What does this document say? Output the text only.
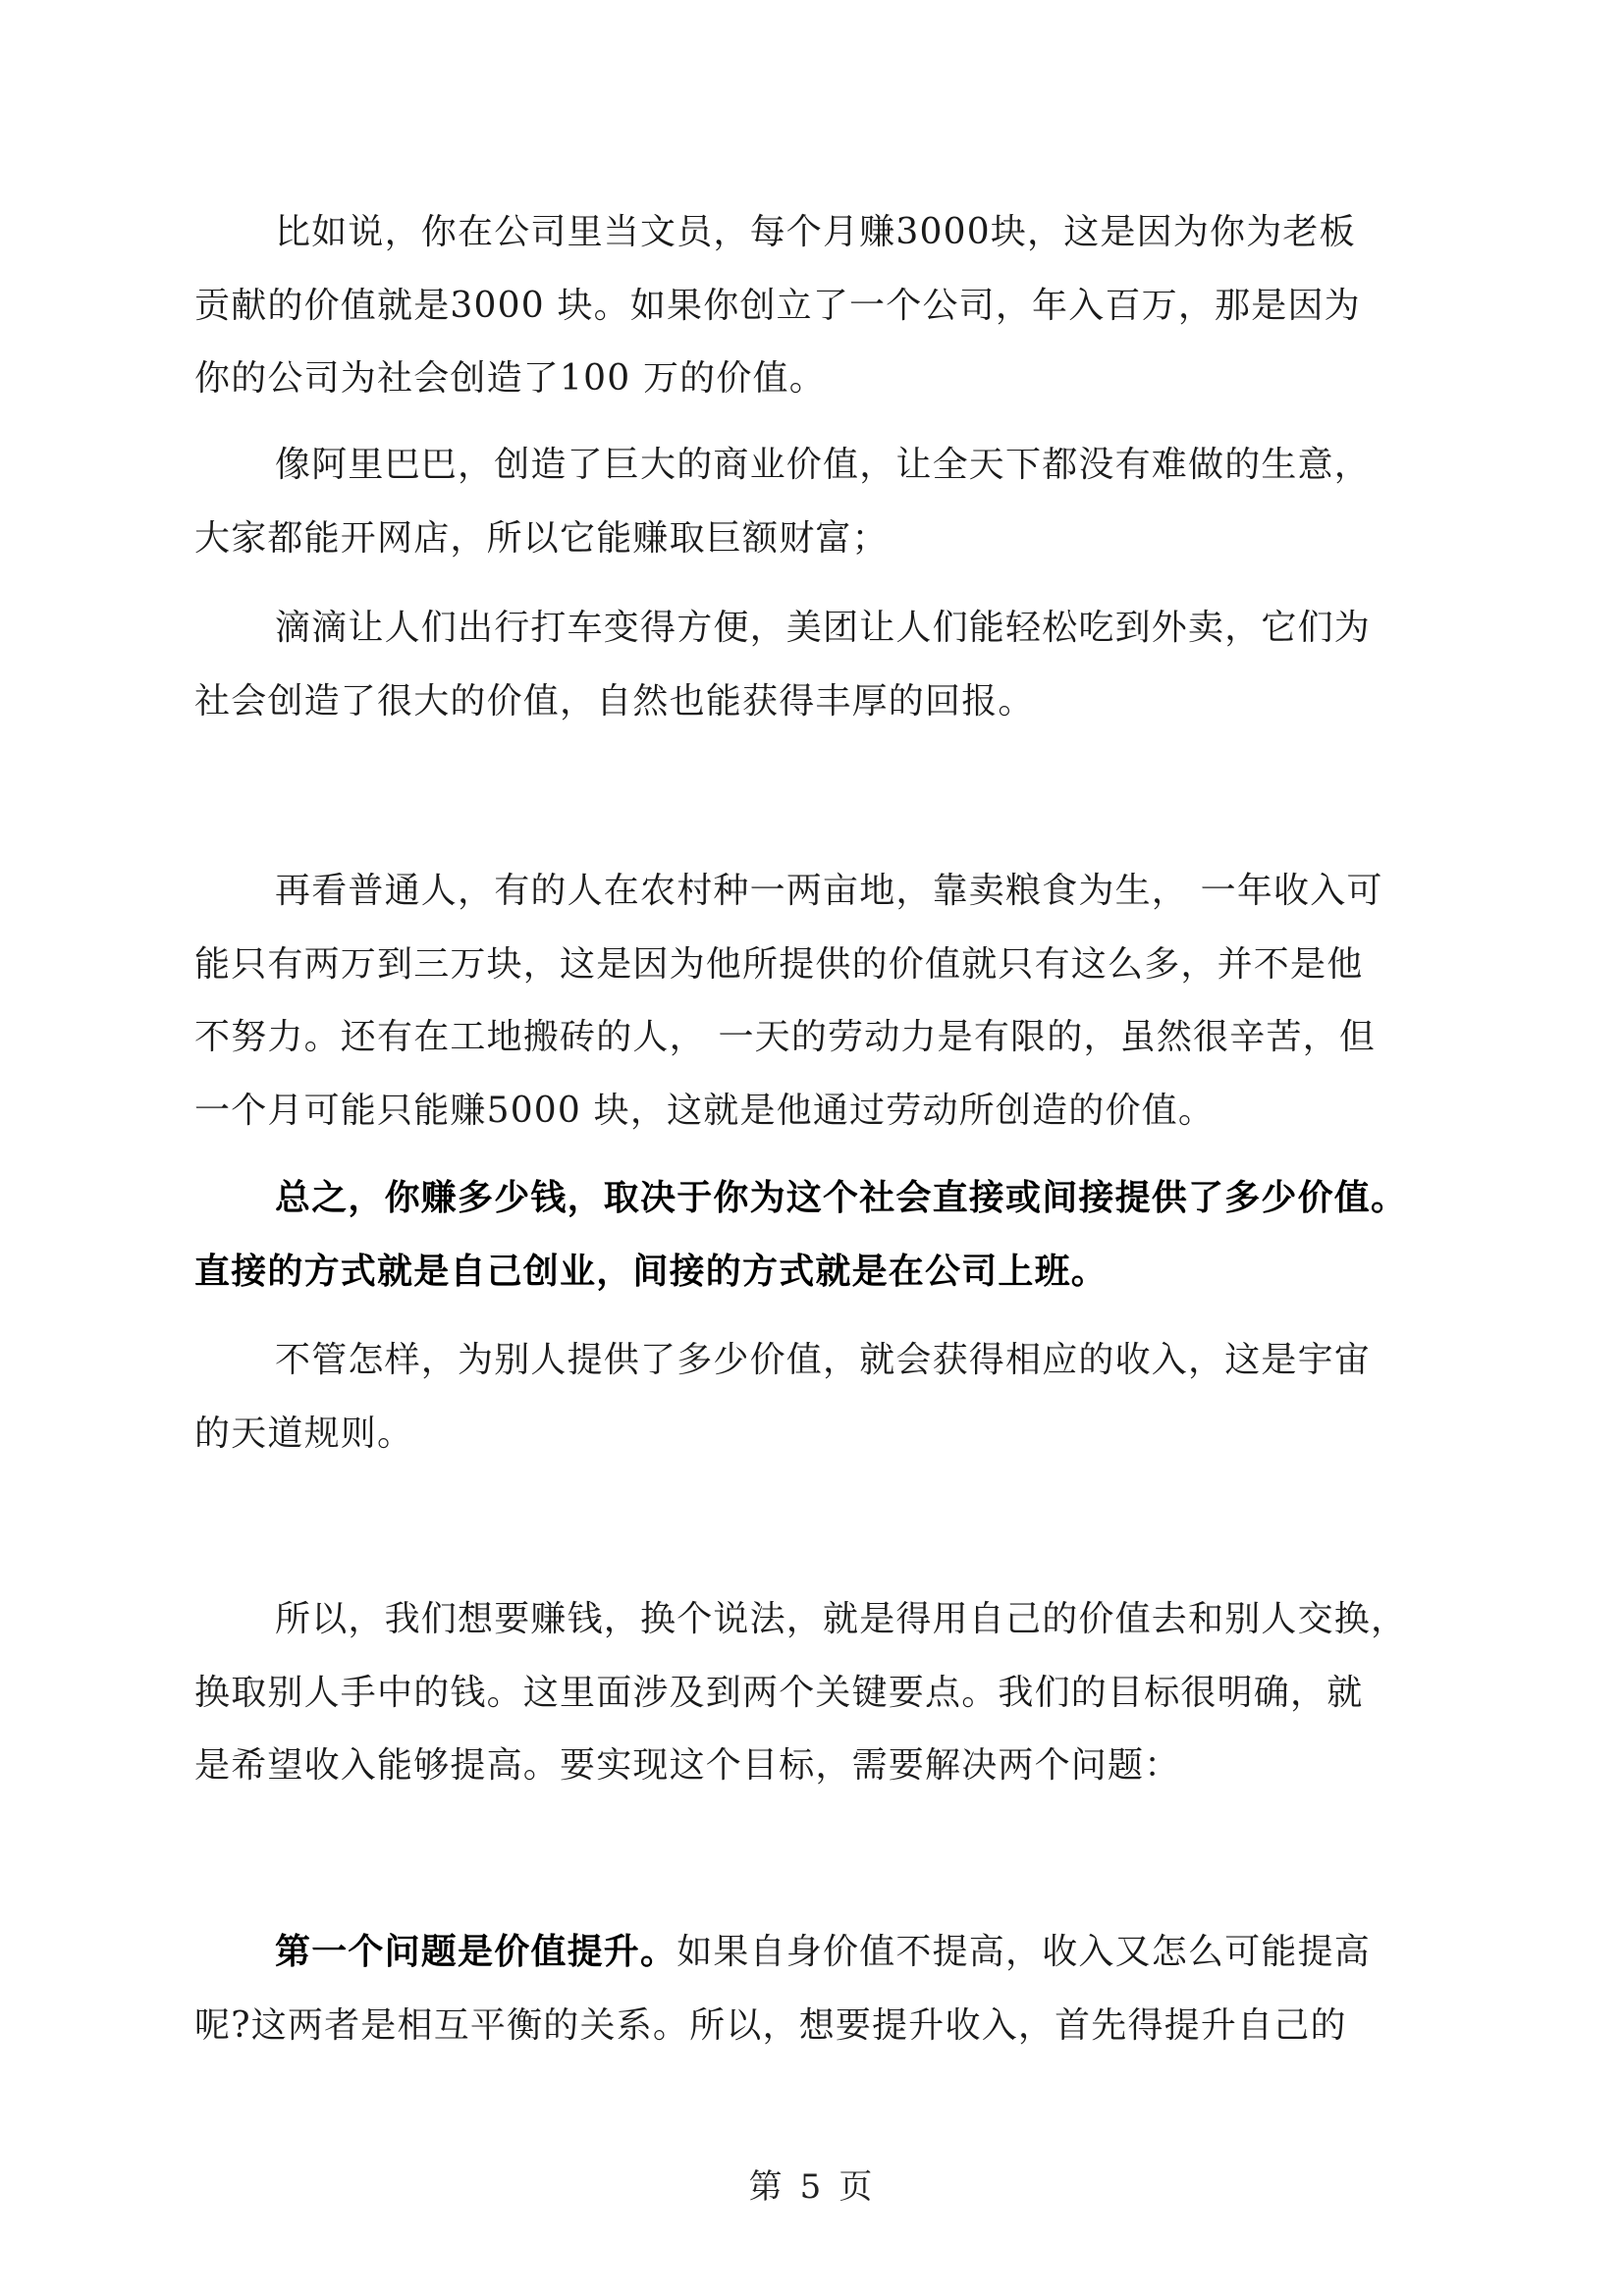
比如说，你在公司里当文员，每个月赚3000块，这是因为你为老板
贡献的价值就是3000 块。如果你创立了一个公司，年入百万，那是因为
你的公司为社会创造了100 万的价值。

像阿里巴巴，创造了巨大的商业价值，让全天下都没有难做的生意，
大家都能开网店，所以它能赚取巨额财富；

滴滴让人们出行打车变得方便，美团让人们能轻松吃到外卖，它们为
社会创造了很大的价值，自然也能获得丰厚的回报。

再看普通人，有的人在农村种一两亩地，靠卖粮食为生， 一年收入可
能只有两万到三万块，这是因为他所提供的价值就只有这么多，并不是他
不努力。还有在工地搬砖的人， 一天的劳动力是有限的，虽然很辛苦，但
一个月可能只能赚5000 块，这就是他通过劳动所创造的价值。

总之，你赚多少钱，取决于你为这个社会直接或间接提供了多少价值。
直接的方式就是自己创业，间接的方式就是在公司上班。

不管怎样，为别人提供了多少价值，就会获得相应的收入，这是宇宙
的天道规则。

所以，我们想要赚钱，换个说法，就是得用自己的价值去和别人交换，
换取别人手中的钱。这里面涉及到两个关键要点。我们的目标很明确，就
是希望收入能够提高。要实现这个目标，需要解决两个问题：

第一个问题是价值提升。如果自身价值不提高，收入又怎么可能提高
呢?这两者是相互平衡的关系。所以，想要提升收入，首先得提升自己的

第 5 页
